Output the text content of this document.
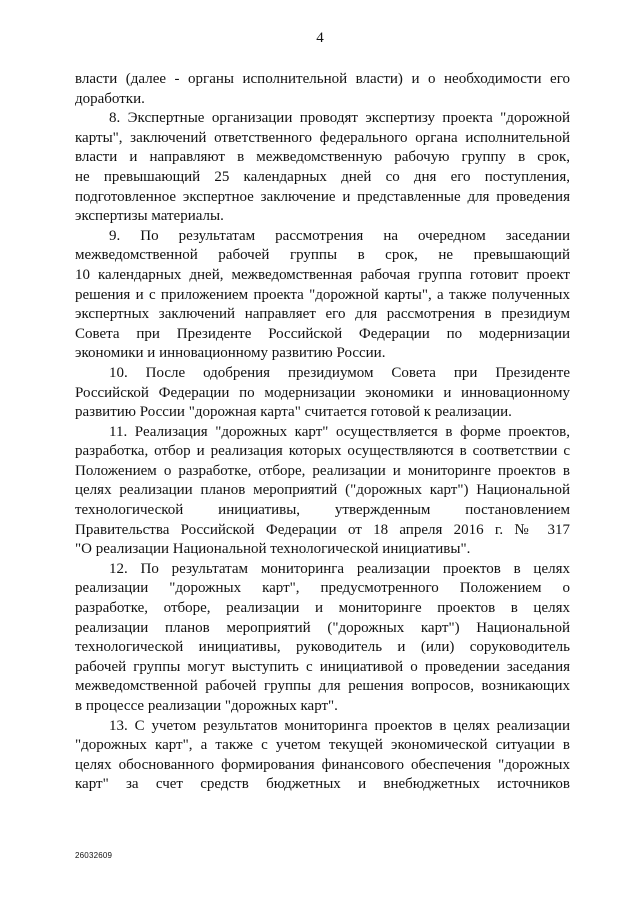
4
власти (далее - органы исполнительной власти) и о необходимости его
доработки.
8. Экспертные организации проводят экспертизу проекта "дорожной
карты", заключений ответственного федерального органа исполнительной
власти и направляют в межведомственную рабочую группу в срок,
не превышающий 25 календарных дней со дня его поступления,
подготовленное экспертное заключение и представленные для проведения
экспертизы материалы.
9. По результатам рассмотрения на очередном заседании
межведомственной рабочей группы в срок, не превышающий
10 календарных дней, межведомственная рабочая группа готовит проект
решения и с приложением проекта "дорожной карты", а также полученных
экспертных заключений направляет его для рассмотрения в президиум
Совета при Президенте Российской Федерации по модернизации
экономики и инновационному развитию России.
10. После одобрения президиумом Совета при Президенте
Российской Федерации по модернизации экономики и инновационному
развитию России "дорожная карта" считается готовой к реализации.
11. Реализация "дорожных карт" осуществляется в форме проектов,
разработка, отбор и реализация которых осуществляются в соответствии с
Положением о разработке, отборе, реализации и мониторинге проектов в
целях реализации планов мероприятий ("дорожных карт") Национальной
технологической инициативы, утвержденным постановлением
Правительства Российской Федерации от 18 апреля 2016 г. № 317
"О реализации Национальной технологической инициативы".
12. По результатам мониторинга реализации проектов в целях
реализации "дорожных карт", предусмотренного Положением о
разработке, отборе, реализации и мониторинге проектов в целях
реализации планов мероприятий ("дорожных карт") Национальной
технологической инициативы, руководитель и (или) соруководитель
рабочей группы могут выступить с инициативой о проведении заседания
межведомственной рабочей группы для решения вопросов, возникающих
в процессе реализации "дорожных карт".
13. С учетом результатов мониторинга проектов в целях реализации
"дорожных карт", а также с учетом текущей экономической ситуации в
целях обоснованного формирования финансового обеспечения "дорожных
карт" за счет средств бюджетных и внебюджетных источников
26032609
